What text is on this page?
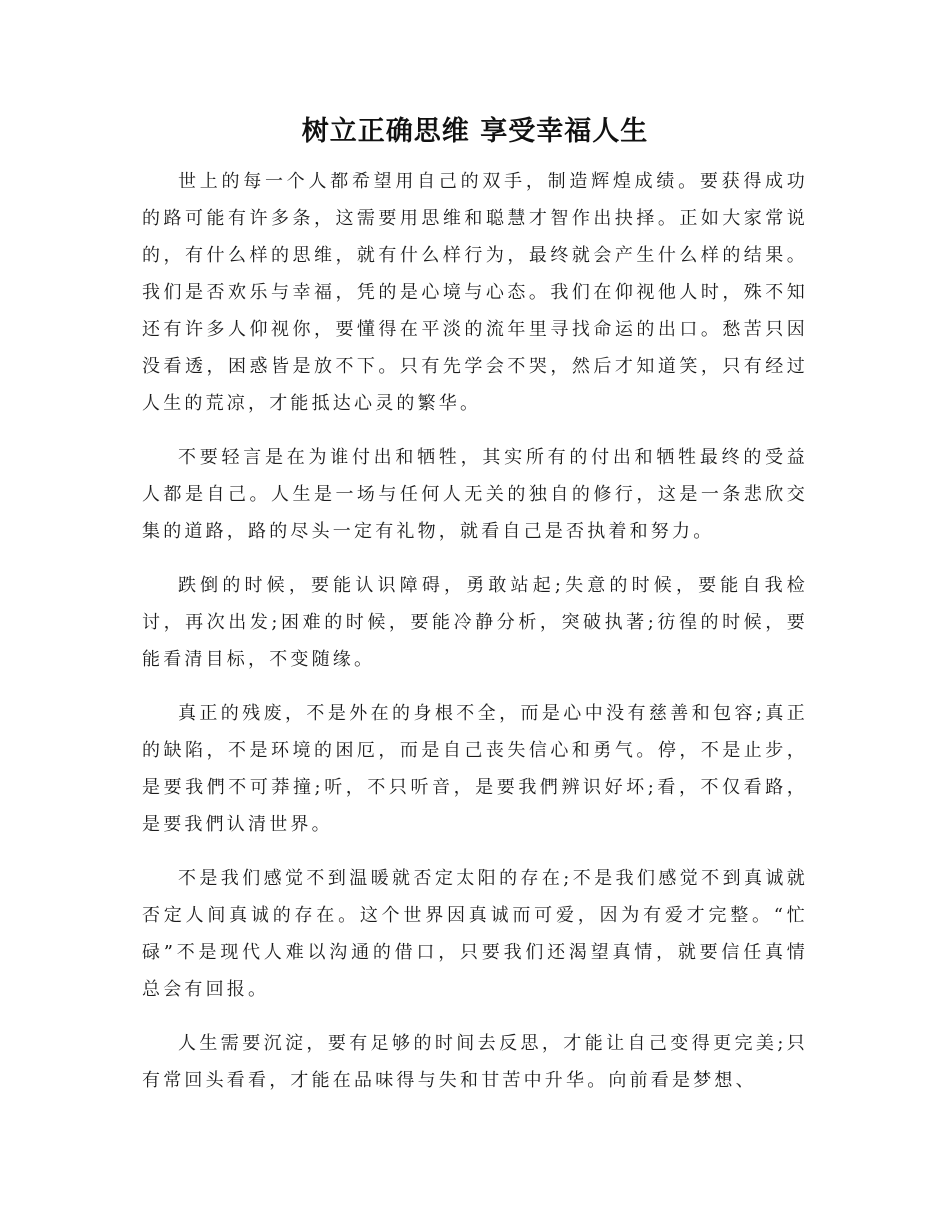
树立正确思维 享受幸福人生

世上的每一个人都希望用自己的双手，制造辉煌成绩。要获得成功的路可能有许多条，这需要用思维和聪慧才智作出抉择。正如大家常说的，有什么样的思维，就有什么样行为，最终就会产生什么样的结果。 我们是否欢乐与幸福，凭的是心境与心态。我们在仰视他人时，殊不知还有许多人仰视你，要懂得在平淡的流年里寻找命运的出口。愁苦只因没看透，困惑皆是放不下。只有先学会不哭，然后才知道笑，只有经过人生的荒凉，才能抵达心灵的繁华。

不要轻言是在为谁付出和牺牲，其实所有的付出和牺牲最终的受益人都是自己。人生是一场与任何人无关的独自的修行，这是一条悲欣交集的道路，路的尽头一定有礼物，就看自己是否执着和努力。

跌倒的时候，要能认识障碍，勇敢站起;失意的时候，要能自我检讨，再次出发;困难的时候，要能冷静分析，突破执著;彷徨的时候，要能看清目标，不变随缘。

真正的残废，不是外在的身根不全，而是心中没有慈善和包容;真正的缺陷，不是环境的困厄，而是自己丧失信心和勇气。停，不是止步，是要我們不可莽撞;听，不只听音，是要我們辨识好坏;看，不仅看路，是要我們认清世界。

不是我们感觉不到温暖就否定太阳的存在;不是我们感觉不到真诚就否定人间真诚的存在。这个世界因真诚而可爱，因为有爱才完整。“忙碌”不是现代人难以沟通的借口，只要我们还渴望真情，就要信任真情总会有回报。

人生需要沉淀，要有足够的时间去反思，才能让自己变得更完美;只有常回头看看，才能在品味得与失和甘苦中升华。向前看是梦想、
